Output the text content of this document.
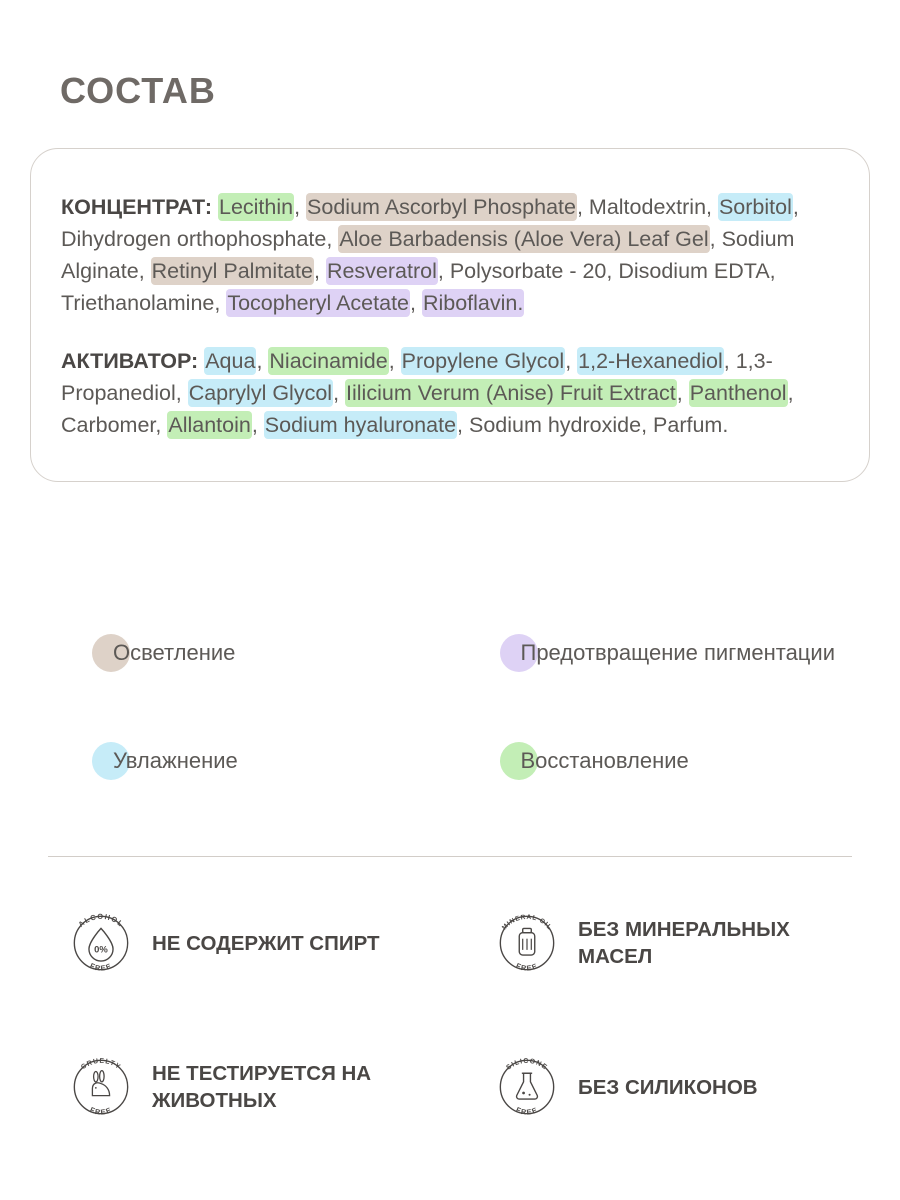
СОСТАВ
КОНЦЕНТРАТ: Lecithin, Sodium Ascorbyl Phosphate, Maltodextrin, Sorbitol, Dihydrogen orthophosphate, Aloe Barbadensis (Aloe Vera) Leaf Gel, Sodium Alginate, Retinyl Palmitate, Resveratrol, Polysorbate - 20, Disodium EDTA, Triethanolamine, Tocopheryl Acetate, Riboflavin.
АКТИВАТОР: Aqua, Niacinamide, Propylene Glycol, 1,2-Hexanediol, 1,3-Propanediol, Caprylyl Glycol, Iilicium Verum (Anise) Fruit Extract, Panthenol, Carbomer, Allantoin, Sodium hyaluronate, Sodium hydroxide, Parfum.
Осветление	Предотвращение пигментации
Увлажнение	Восстановление
0%
ALCOHOL
FREE
НЕ СОДЕРЖИТ СПИРТ
MINERAL OIL
FREE
БЕЗ МИНЕРАЛЬНЫХ МАСЕЛ
CRUELTY
FREE
НЕ ТЕСТИРУЕТСЯ НА ЖИВОТНЫХ
SILICONE
FREE
БЕЗ СИЛИКОНОВ
